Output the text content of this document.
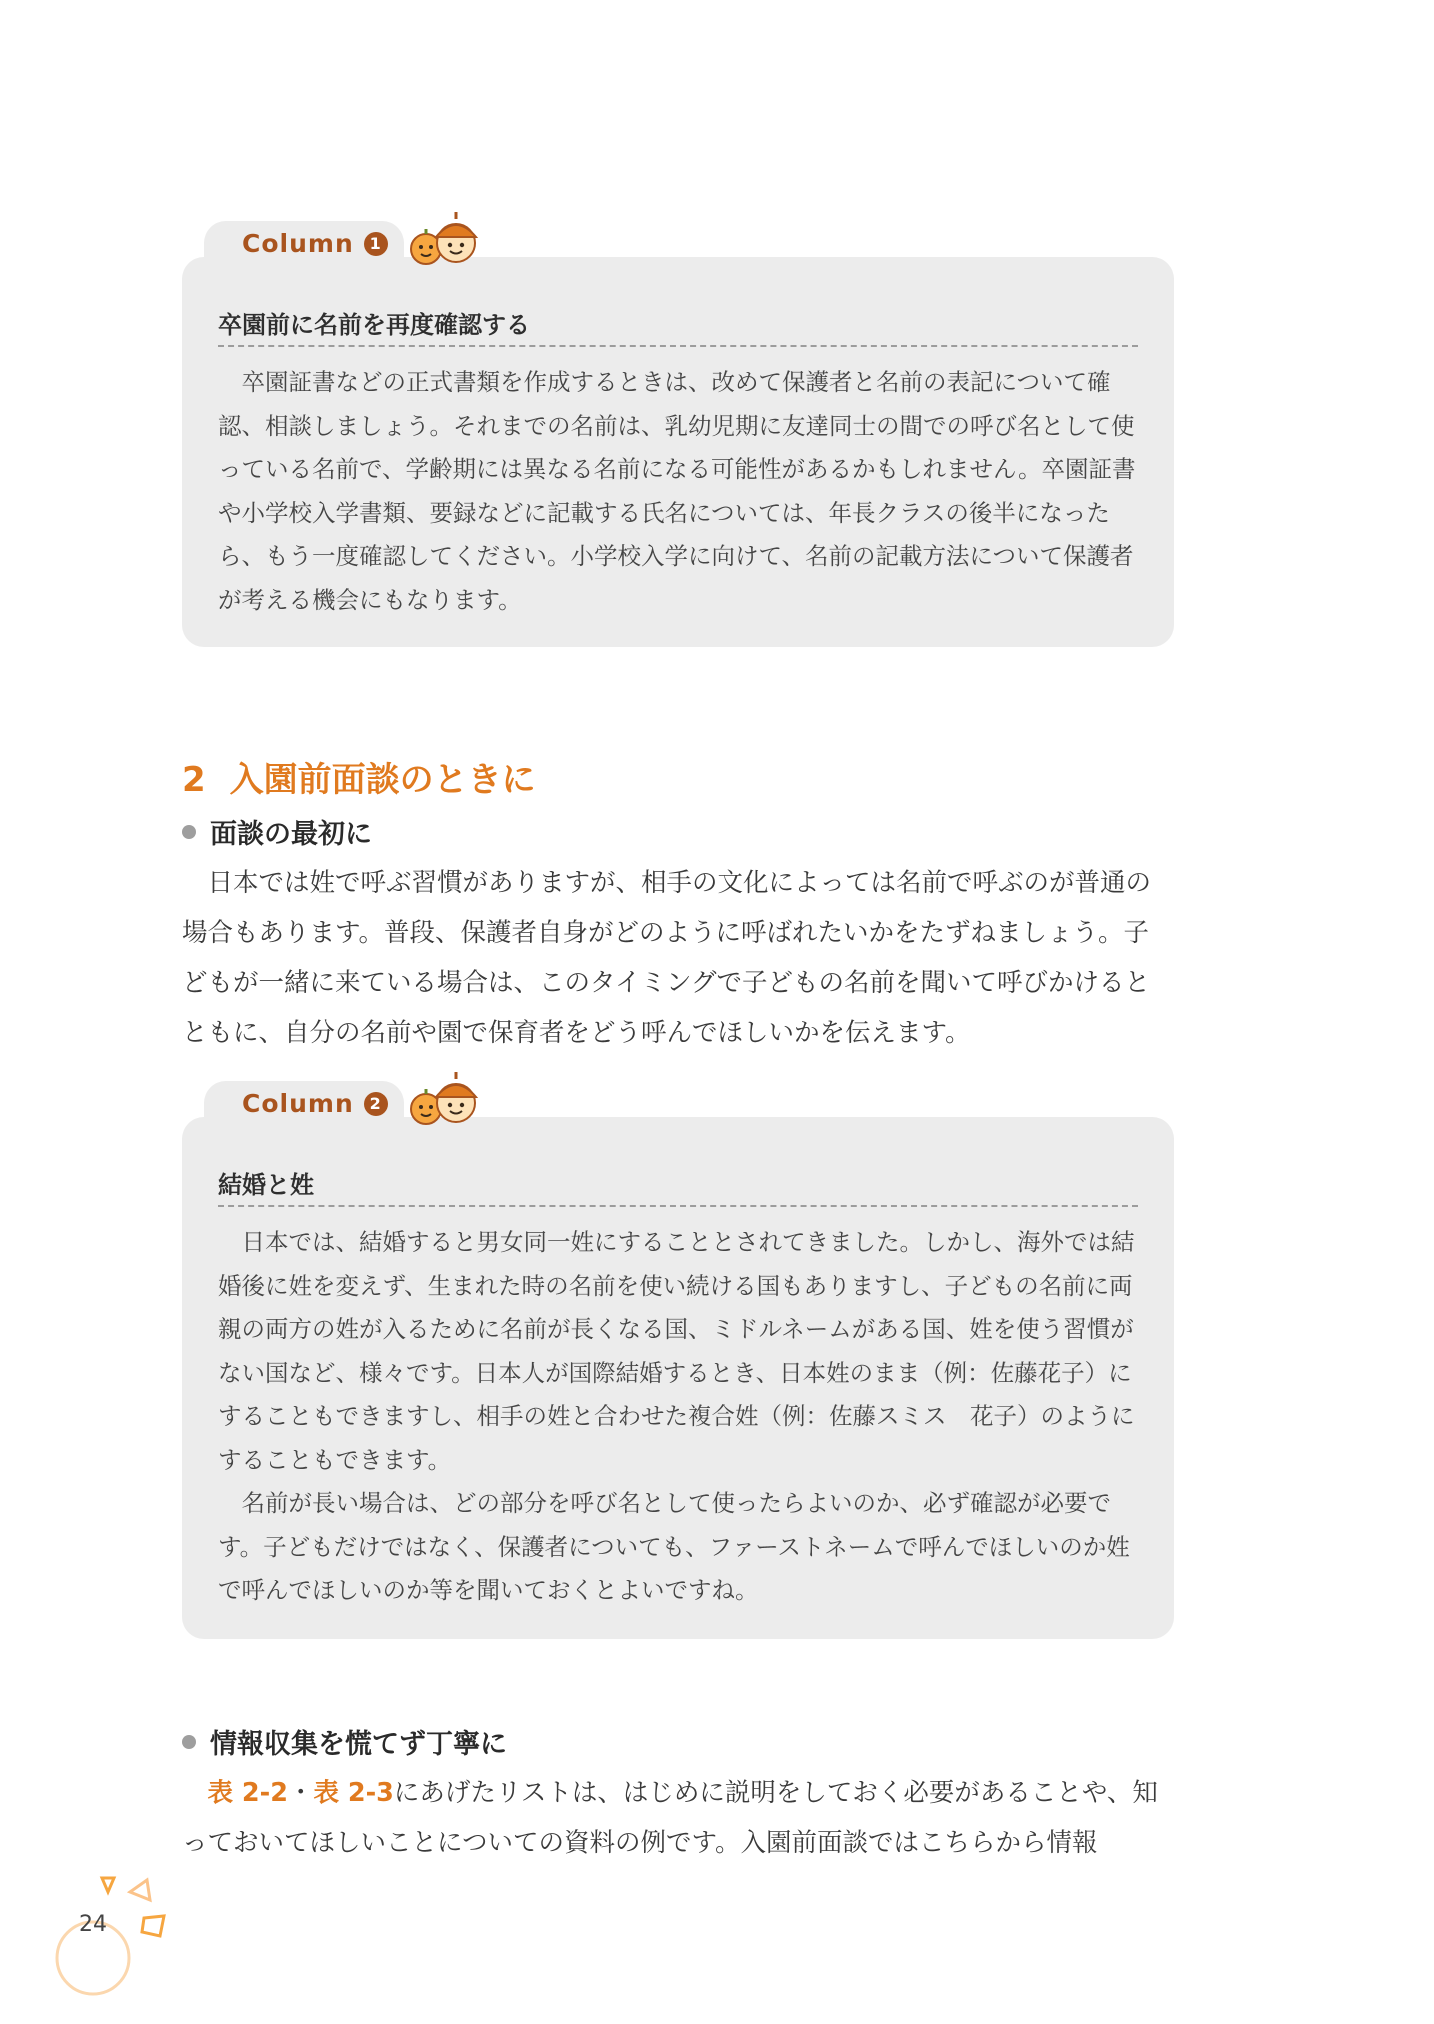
Column 1
卒園前に名前を再度確認する

卒園証書などの正式書類を作成するときは、改めて保護者と名前の表記について確認、相談しましょう。それまでの名前は、乳幼児期に友達同士の間での呼び名として使っている名前で、学齢期には異なる名前になる可能性があるかもしれません。卒園証書や小学校入学書類、要録などに記載する氏名については、年長クラスの後半になったら、もう一度確認してください。小学校入学に向けて、名前の記載方法について保護者が考える機会にもなります。

2 入園前面談のときに
面談の最初に

日本では姓で呼ぶ習慣がありますが、相手の文化によっては名前で呼ぶのが普通の場合もあります。普段、保護者自身がどのように呼ばれたいかをたずねましょう。子どもが一緒に来ている場合は、このタイミングで子どもの名前を聞いて呼びかけるとともに、自分の名前や園で保育者をどう呼んでほしいかを伝えます。

Column 2
結婚と姓

日本では、結婚すると男女同一姓にすることとされてきました。しかし、海外では結婚後に姓を変えず、生まれた時の名前を使い続ける国もありますし、子どもの名前に両親の両方の姓が入るために名前が長くなる国、ミドルネームがある国、姓を使う習慣がない国など、様々です。日本人が国際結婚するとき、日本姓のまま（例：佐藤花子）にすることもできますし、相手の姓と合わせた複合姓（例：佐藤スミス　花子）のようにすることもできます。

名前が長い場合は、どの部分を呼び名として使ったらよいのか、必ず確認が必要です。子どもだけではなく、保護者についても、ファーストネームで呼んでほしいのか姓で呼んでほしいのか等を聞いておくとよいですね。

情報収集を慌てず丁寧に

表 2-2・表 2-3にあげたリストは、はじめに説明をしておく必要があることや、知っておいてほしいことについての資料の例です。入園前面談ではこちらから情報

24
